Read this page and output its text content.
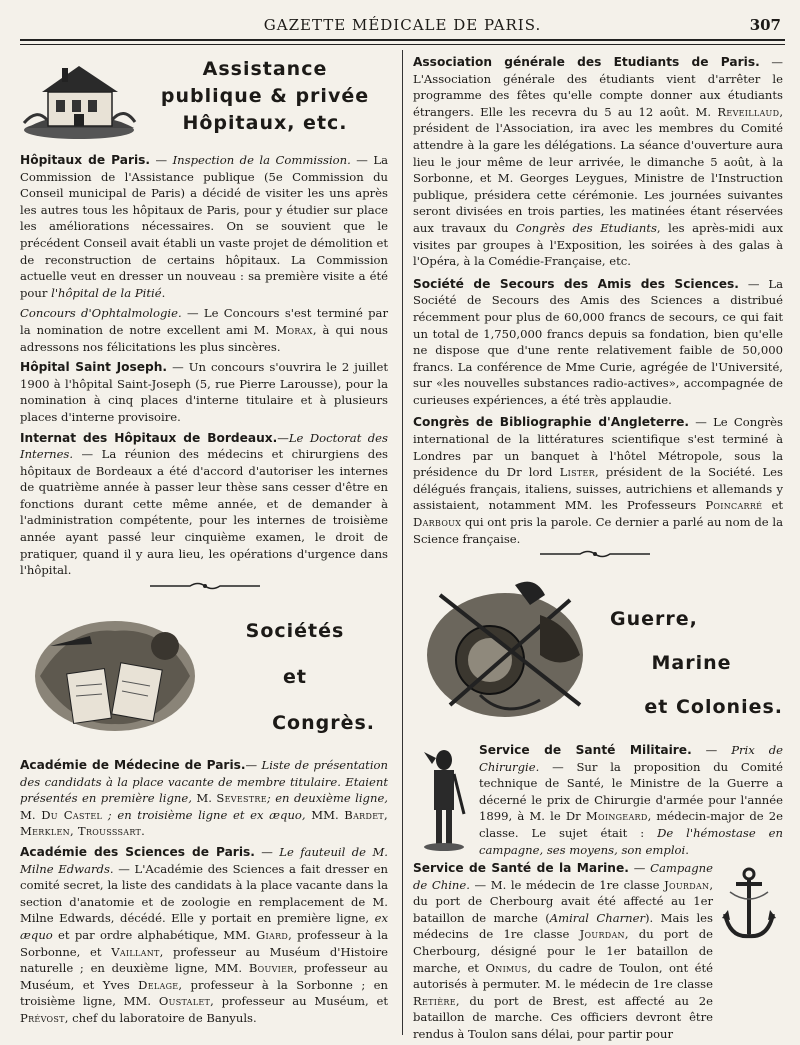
GAZETTE MÉDICALE DE PARIS.	307
Assistance
publique & privée
Hôpitaux, etc.

Hôpitaux de Paris. — Inspection de la Commission. — La Commission de l'Assistance publique (5e Commission du Conseil municipal de Paris) a décidé de visiter les uns après les autres tous les hôpitaux de Paris, pour y étudier sur place les améliorations nécessaires. On se souvient que le précédent Conseil avait établi un vaste projet de démolition et de reconstruction de certains hôpitaux. La Commission actuelle veut en dresser un nouveau : sa première visite a été pour l'hôpital de la Pitié.

Concours d'Ophtalmologie. — Le Concours s'est terminé par la nomination de notre excellent ami M. Morax, à qui nous adressons nos félicitations les plus sincères.

Hôpital Saint Joseph. — Un concours s'ouvrira le 2 juillet 1900 à l'hôpital Saint-Joseph (5, rue Pierre Larousse), pour la nomination à cinq places d'interne titulaire et à plusieurs places d'interne provisoire.

Internat des Hôpitaux de Bordeaux.—Le Doctorat des Internes. — La réunion des médecins et chirurgiens des hôpitaux de Bordeaux a été d'accord d'autoriser les internes de quatrième année à passer leur thèse sans cesser d'être en fonctions durant cette même année, et de demander à l'administration compétente, pour les internes de troisième année ayant passé leur cinquième examen, le droit de pratiquer, quand il y aura lieu, les opérations d'urgence dans l'hôpital.

Sociétés
et
Congrès.

Académie de Médecine de Paris.— Liste de présentation des candidats à la place vacante de membre titulaire. Etaient présentés en première ligne, M. Sevestre; en deuxième ligne, M. Du Castel ; en troisième ligne et ex æquo, MM. Bardet, Merklen, Trousssart.

Académie des Sciences de Paris. — Le fauteuil de M. Milne Edwards. — L'Académie des Sciences a fait dresser en comité secret, la liste des candidats à la place vacante dans la section d'anatomie et de zoologie en remplacement de M. Milne Edwards, décédé. Elle y portait en première ligne, ex æquo et par ordre alphabétique, MM. Giard, professeur à la Sorbonne, et Vaillant, professeur au Muséum d'Histoire naturelle ; en deuxième ligne, MM. Bouvier, professeur au Muséum, et Yves Delage, professeur à la Sorbonne ; en troisième ligne, MM. Oustalet, professeur au Muséum, et Prévost, chef du laboratoire de Banyuls.

Association générale des Etudiants de Paris. — L'Association générale des étudiants vient d'arrêter le programme des fêtes qu'elle compte donner aux étudiants étrangers. Elle les recevra du 5 au 12 août. M. Reveillaud, président de l'Association, ira avec les membres du Comité attendre à la gare les délégations. La séance d'ouverture aura lieu le jour même de leur arrivée, le dimanche 5 août, à la Sorbonne, et M. Georges Leygues, Ministre de l'Instruction publique, présidera cette cérémonie. Les journées suivantes seront divisées en trois parties, les matinées étant réservées aux travaux du Congrès des Etudiants, les après-midi aux visites par groupes à l'Exposition, les soirées à des galas à l'Opéra, à la Comédie-Française, etc.

Société de Secours des Amis des Sciences. — La Société de Secours des Amis des Sciences a distribué récemment pour plus de 60,000 francs de secours, ce qui fait un total de 1,750,000 francs depuis sa fondation, bien qu'elle ne dispose que d'une rente relativement faible de 50,000 francs. La conférence de Mme Curie, agrégée de l'Université, sur «les nouvelles substances radio-actives», accompagnée de curieuses expériences, a été très applaudie.

Congrès de Bibliographie d'Angleterre. — Le Congrès international de la littératures scientifique s'est terminé à Londres par un banquet à l'hôtel Métropole, sous la présidence du Dr lord Lister, président de la Société. Les délégués français, italiens, suisses, autrichiens et allemands y assistaient, notamment MM. les Professeurs Poincarré et Darboux qui ont pris la parole. Ce dernier a parlé au nom de la Science française.

Guerre,
Marine
et Colonies.

Service de Santé Militaire. — Prix de Chirurgie. — Sur la proposition du Comité technique de Santé, le Ministre de la Guerre a décerné le prix de Chirurgie d'armée pour l'année 1899, à M. le Dr Moingeard, médecin-major de 2e classe. Le sujet était : De l'hémostase en campagne, ses moyens, son emploi.

Service de Santé de la Marine. — Campagne de Chine. — M. le médecin de 1re classe Jourdan, du port de Cherbourg avait été affecté au 1er bataillon de marche (Amiral Charner). Mais les médecins de 1re classe Jourdan, du port de Cherbourg, désigné pour le 1er bataillon de marche, et Onimus, du cadre de Toulon, ont été autorisés à permuter. M. le médecin de 1re classe Retière, du port de Brest, est affecté au 2e bataillon de marche. Ces officiers devront être rendus à Toulon sans délai, pour partir pour
